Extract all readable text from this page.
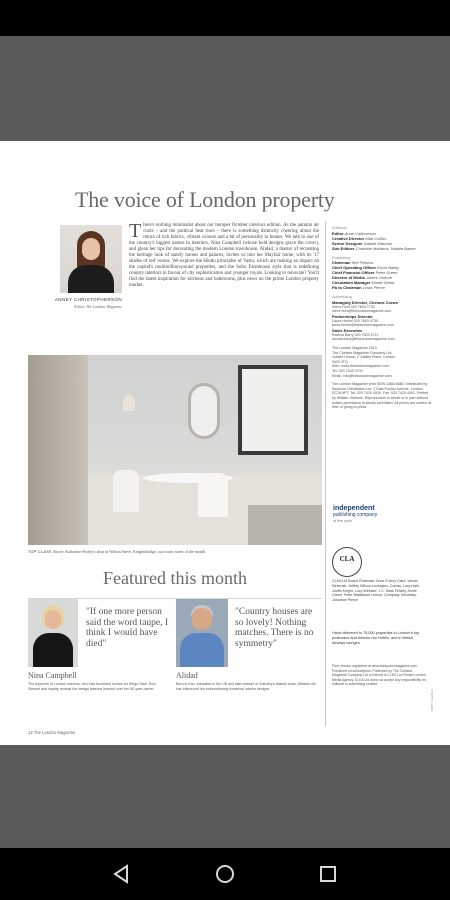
The voice of London property
ANNEY CHRISTOPHERSON
Editor, The London Magazine
There's nothing minimalist about our bumper October interiors edition. As the autumn air cools – and the political heat rises – there is something distinctly cheering about the return of rich fabrics, vibrant colours and a bit of personality to homes. We talk to one of the country's biggest names in interiors, Nina Campbell (whose bold designs grace the cover), and glean her tips for decorating the modern London townhouse. Alidad, a master of recreating the heritage look of stately homes and palaces, invites us into her Mayfair home, with its '17 shades of red' rooms. We explore the Hindu principles of Vastu, which are making an impact on the capital's multimillion-pound properties, and the Soho Farmhouse style that is redefining country interiors in favour of city sophistication and younger royals. Looking to renovate? You'll find the latest inspiration for kitchens and bathrooms, plus news on the prime London property market.
Editorial
Editor Anne Calthrorson
Creative Director Matt Collins
Senior Designer Natalie Mascolo
Sub Editors Charlotte Mattaros, Natalie Bainer
Publishing
Chairman Neil Fellows
Chief Operating Officer Kevin Bailey
Chief Financial Officer Peter Green
Director of Media James Ordone
Circulation Manager Daniel Webb
PA to Chairman Linda Pierce
Advertising
Managing Director, Chelsea Crown
Steve Hunt 020 7603 7730
steve.hunt@thelondonmagazine.com
Partnerships Director
Laura Hector 020 7603 0730
laura.hector@thelondonmagazine.com
Sales Executive
Ravinia Barry 020 7603 4712
ravinia.barry@thelondonmagazine.com
The London Magazine 2019
The Chelsea Magazine Company Ltd,
Jubilee House, 2 Jubilee Place, London
SW3 3TQ
Web: www.thelondonmagazine.com
Tel: 020 7349 3700
Email: info@thelondonmagazine.com
The London Magazine print ISSN 1368-5686. Distributed by Seymour Distribution Ltd. 2 East Poultry Avenue, London EC1A 9PT. Tel: 020 7429 4000. Fax: 020 7429 4001. Printed by William Gibbons. Reproduction in whole or in part without written permission is strictly prohibited. All prices are correct at time of going to press.
TOP CLASS Above: Katharine Pooley's shop in Walton Street, Knightsbridge, our iconic street of the month
independent
publishing company
of the year
CLA
CLEA Ltd Board Chairman: Anne D'Arcy Clark, Vanda Dinterain, Jeffrey Wilson-Levington, Cowan, Lucy Hale, Judith Knight, Lucy Webster, J.C. Mark Felicity, Annie Green, Peter Watkinson Lemon, Company Secretary: Jonathan Pierce
Hand-delivered to 75,000 properties in London's top postcodes and director-run Hotels, and in British Airways lounges.
Print Version registered at www.thelondonmagazine.com. Published on subscription. Published by The Chelsea Magazine Company Ltd on behalf of CLEA Ltd Printed London Media Agency. CLEA Ltd does not accept any responsibility for editorial or advertising content.
PEFC Certified
Featured this month
"If one more person said the word taupe, I think I would have died"
Nina Campbell
The doyenne of London interiors, who has furnished homes for Ringo Starr, Rod Stewart and royalty reveals the design lessons learned over her 50-year career
"Country houses are so lovely! Nothing matches. There is no symmetry"
Alidad
Born in Iran, educated in the UK and later master of Sotheby's Islamic team, Alidad's life has influenced his extraordinarily theatrical interior designs
12 The London Magazine
